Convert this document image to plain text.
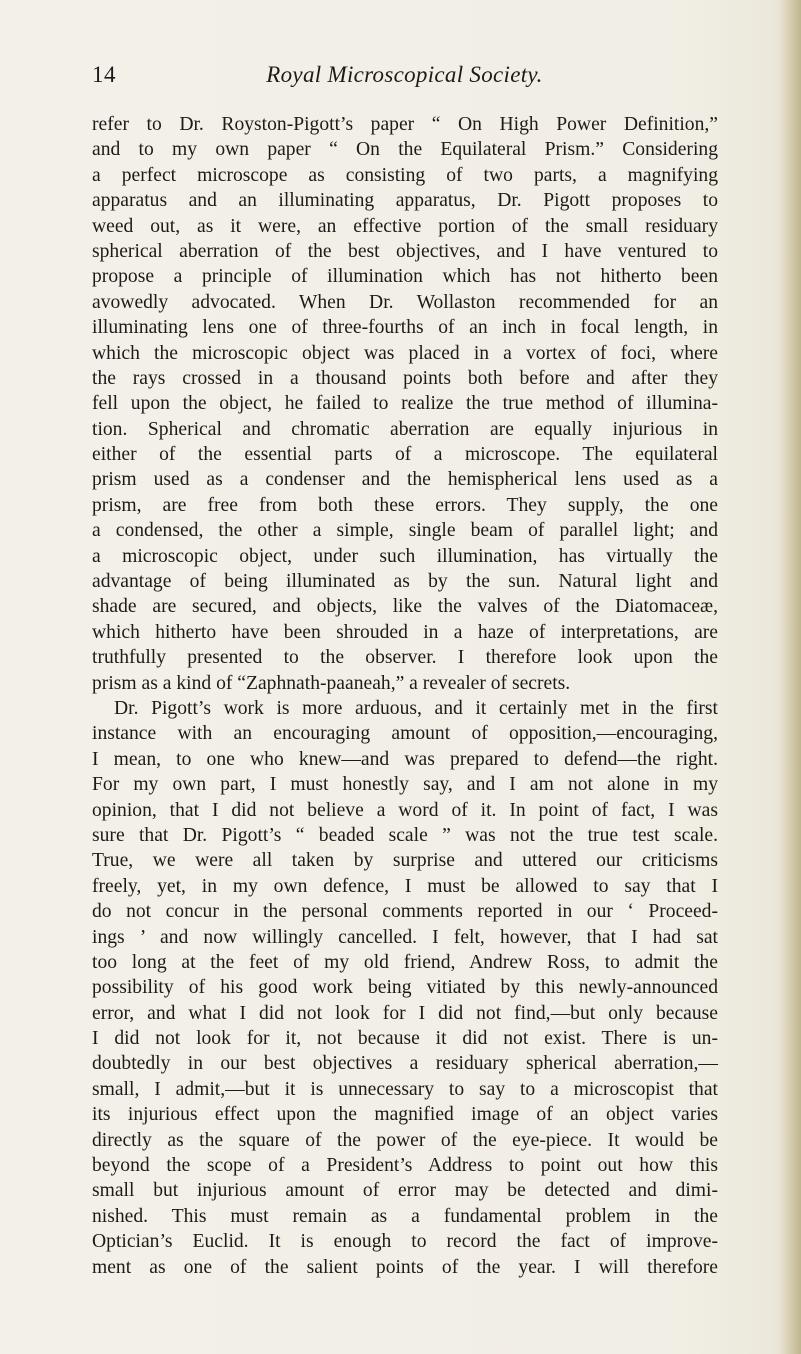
14	Royal Microscopical Society.
refer to Dr. Royston-Pigott’s paper “ On High Power Definition,”
and to my own paper “ On the Equilateral Prism.” Considering
a perfect microscope as consisting of two parts, a magnifying
apparatus and an illuminating apparatus, Dr. Pigott proposes to
weed out, as it were, an effective portion of the small residuary
spherical aberration of the best objectives, and I have ventured to
propose a principle of illumination which has not hitherto been
avowedly advocated. When Dr. Wollaston recommended for an
illuminating lens one of three-fourths of an inch in focal length, in
which the microscopic object was placed in a vortex of foci, where
the rays crossed in a thousand points both before and after they
fell upon the object, he failed to realize the true method of illumina-
tion. Spherical and chromatic aberration are equally injurious in
either of the essential parts of a microscope. The equilateral
prism used as a condenser and the hemispherical lens used as a
prism, are free from both these errors. They supply, the one
a condensed, the other a simple, single beam of parallel light; and
a microscopic object, under such illumination, has virtually the
advantage of being illuminated as by the sun. Natural light and
shade are secured, and objects, like the valves of the Diatomaceæ,
which hitherto have been shrouded in a haze of interpretations, are
truthfully presented to the observer. I therefore look upon the
prism as a kind of “Zaphnath-paaneah,” a revealer of secrets.
Dr. Pigott’s work is more arduous, and it certainly met in the first
instance with an encouraging amount of opposition,—encouraging,
I mean, to one who knew—and was prepared to defend—the right.
For my own part, I must honestly say, and I am not alone in my
opinion, that I did not believe a word of it. In point of fact, I was
sure that Dr. Pigott’s “ beaded scale ” was not the true test scale.
True, we were all taken by surprise and uttered our criticisms
freely, yet, in my own defence, I must be allowed to say that I
do not concur in the personal comments reported in our ‘ Proceed-
ings ’ and now willingly cancelled. I felt, however, that I had sat
too long at the feet of my old friend, Andrew Ross, to admit the
possibility of his good work being vitiated by this newly-announced
error, and what I did not look for I did not find,—but only because
I did not look for it, not because it did not exist. There is un-
doubtedly in our best objectives a residuary spherical aberration,—
small, I admit,—but it is unnecessary to say to a microscopist that
its injurious effect upon the magnified image of an object varies
directly as the square of the power of the eye-piece. It would be
beyond the scope of a President’s Address to point out how this
small but injurious amount of error may be detected and dimi-
nished. This must remain as a fundamental problem in the
Optician’s Euclid. It is enough to record the fact of improve-
ment as one of the salient points of the year. I will therefore
